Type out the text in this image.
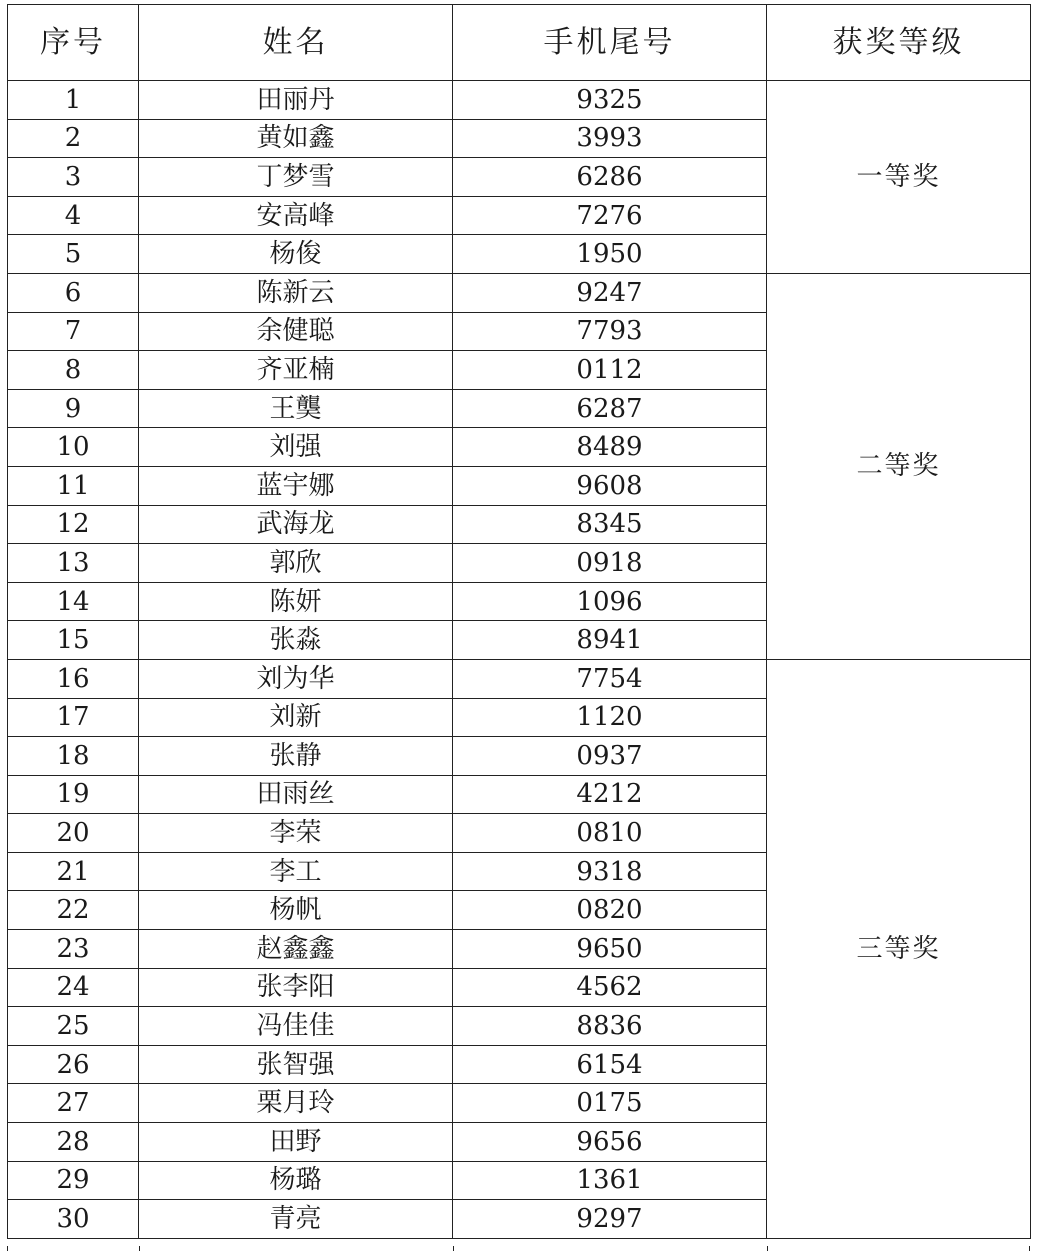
序号	姓名	手机尾号	获奖等级
1	田丽丹	9325	一等奖
2	黄如鑫	3993	
3	丁梦雪	6286	
4	安高峰	7276	
5	杨俊	1950	
6	陈新云	9247	二等奖
7	余健聪	7793	
8	齐亚楠	0112	
9	王龑	6287	
10	刘强	8489	
11	蓝宇娜	9608	
12	武海龙	8345	
13	郭欣	0918	
14	陈妍	1096	
15	张淼	8941	
16	刘为华	7754	三等奖
17	刘新	1120	
18	张静	0937	
19	田雨丝	4212	
20	李荣	0810	
21	李工	9318	
22	杨帆	0820	
23	赵鑫鑫	9650	
24	张李阳	4562	
25	冯佳佳	8836	
26	张智强	6154	
27	栗月玲	0175	
28	田野	9656	
29	杨璐	1361	
30	青亮	9297	
